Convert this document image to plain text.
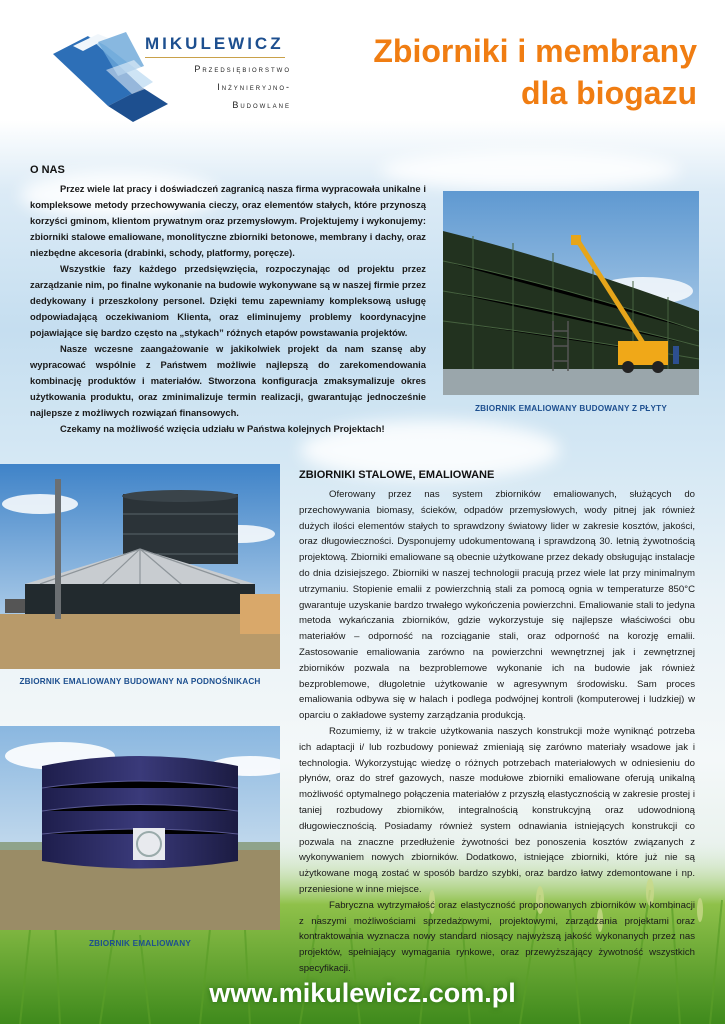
MIKULEWICZ
Przedsiębiorstwo
Inżynieryjno-
Budowlane
Zbiorniki i membrany
dla biogazu
O NAS

Przez wiele lat pracy i doświadczeń zagranicą nasza firma wypracowała unikalne i kompleksowe metody przechowywania cieczy, oraz elementów stałych, które przynoszą korzyści gminom, klientom prywatnym oraz przemysłowym. Projektujemy i wykonujemy: zbiorniki stalowe emaliowane, monolityczne zbiorniki betonowe, membrany i dachy, oraz niezbędne akcesoria (drabinki, schody, platformy, poręcze).

Wszystkie fazy każdego przedsięwzięcia, rozpoczynając od projektu przez zarządzanie nim, po finalne wykonanie na budowie wykonywane są w naszej firmie przez dedykowany i przeszkolony personel. Dzięki temu zapewniamy kompleksową usługę odpowiadającą oczekiwaniom Klienta, oraz eliminujemy problemy koordynacyjne pojawiające się bardzo często na „stykach” różnych etapów powstawania projektów.

Nasze wczesne zaangażowanie w jakikolwiek projekt da nam szansę aby wypracować wspólnie z Państwem możliwie najlepszą do zarekomendowania kombinację produktów i materiałów. Stworzona konfiguracja zmaksymalizuje okres użytkowania produktu, oraz zminimalizuje termin realizacji, gwarantując jednocześnie najlepsze z możliwych rozwiązań finansowych.

Czekamy na możliwość wzięcia udziału w Państwa kolejnych Projektach!

ZBIORNIK EMALIOWANY BUDOWANY Z PŁYTY
ZBIORNIK EMALIOWANY BUDOWANY NA PODNOŚNIKACH
ZBIORNIK EMALIOWANY
ZBIORNIKI STALOWE, EMALIOWANE

Oferowany przez nas system zbiorników emaliowanych, służących do przechowywania biomasy, ścieków, odpadów przemysłowych, wody pitnej jak również dużych ilości elementów stałych to sprawdzony światowy lider w zakresie kosztów, jakości, oraz długowieczności. Dysponujemy udokumentowaną i sprawdzoną 30. letnią żywotnością projektową. Zbiorniki emaliowane są obecnie użytkowane przez dekady obsługując instalacje do dnia dzisiejszego. Zbiorniki w naszej technologii pracują przez wiele lat przy minimalnym utrzymaniu. Stopienie emalii z powierzchnią stali za pomocą ognia w temperaturze 850°C gwarantuje uzyskanie bardzo trwałego wykończenia powierzchni. Emaliowanie stali to jedyna metoda wykańczania zbiorników, gdzie wykorzystuje się najlepsze właściwości obu materiałów – odporność na rozciąganie stali, oraz odporność na korozję emalii. Zastosowanie emaliowania zarówno na powierzchni wewnętrznej jak i zewnętrznej zbiorników pozwala na bezproblemowe wykonanie ich na budowie jak również bezproblemowe, długoletnie użytkowanie w agresywnym środowisku. Sam proces emaliowania odbywa się w halach i podlega podwójnej kontroli (komputerowej i ludzkiej) w oparciu o zakładowe systemy zarządzania produkcją.

Rozumiemy, iż w trakcie użytkowania naszych konstrukcji może wyniknąć potrzeba ich adaptacji i/ lub rozbudowy ponieważ zmieniają się zarówno materiały wsadowe jak i technologia. Wykorzystując wiedzę o różnych potrzebach materiałowych w odniesieniu do płynów, oraz do stref gazowych, nasze modułowe zbiorniki emaliowane oferują unikalną możliwość optymalnego połączenia materiałów z przyszłą elastycznością w zakresie prostej i taniej rozbudowy zbiorników, integralnością konstrukcyjną oraz udowodnioną długowiecznością. Posiadamy również system odnawiania istniejących konstrukcji co pozwala na znaczne przedłużenie żywotności bez ponoszenia kosztów związanych z wykonywaniem nowych zbiorników. Dodatkowo, istniejące zbiorniki, które już nie są użytkowane mogą zostać w sposób bardzo szybki, oraz bardzo łatwy zdemontowane i np. przeniesione w inne miejsce.

Fabryczna wytrzymałość oraz elastyczność proponowanych zbiorników w kombinacji z naszymi możliwościami sprzedażowymi, projektowymi, zarządzania projektami oraz kontraktowania wyznacza nowy standard niosący najwyższą jakość wykonanych przez nas projektów, spełniający wymagania rynkowe, oraz przewyższający żywotność wszystkich specyfikacji.

www.mikulewicz.com.pl
